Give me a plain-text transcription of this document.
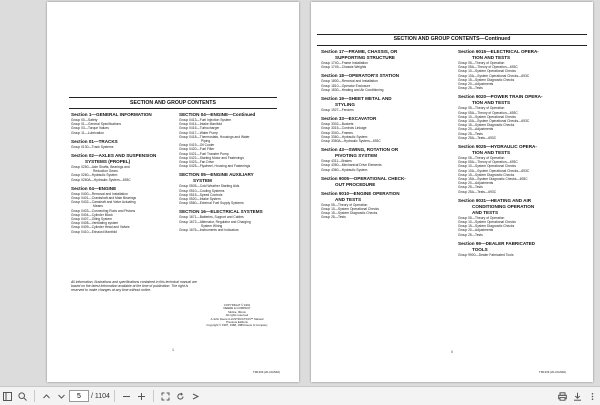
SECTION AND GROUP CONTENTS
Section 1—GENERAL INFORMATION
Group 00—Safety
Group 01—General Specifications
Group 03—Torque Values
Group 11—Lubrication
Section 01—TRACKS
Group 0130—Track Systems
Section 02—AXLES AND SUSPENSION
SYSTEMS (PROPEL)
Group 0250—Axle Shafts, Bearings and
Reduction Gears
Group 0260—Hydraulic System
Group 0260A—Hydraulic System—693C
Section 04—ENGINE
Group 0400—Removal and Installation
Group 0401—Crankshaft and Main Bearings
Group 0402—Camshaft and Valve Actuating
Means
Group 0403—Connecting Rods and Pistons
Group 0404—Cylinder Block
Group 0407—Oiling System
Group 0408—Ventilating system
Group 0409—Cylinder Head and Valves
Group 0410—Exhaust Manifold
SECTION 04—ENGINE—Continued
Group 0413—Fuel Injection System
Group 0414—Intake Manifold
Group 0415—Turbocharger
Group 0417—Water Pump
Group 0418—Thermostats, Housings and Water
Piping
Group 0419—Oil Cooler
Group 0420—Fuel Filter
Group 0421—Fuel Transfer Pump
Group 0422—Starting Motor and Fastenings
Group 0423—Fan Drive
Group 0425—Flywheel, Housing and Fastenings
SECTION 05—ENGINE AUXILIARY
SYSTEM
Group 0505—Cold Weather Starting Aids
Group 0510—Cooling Systems
Group 0515—Speed Controls
Group 0520—Intake System
Group 0560—External Fuel Supply Systems
SECTION 16—ELECTRICAL SYSTEMS
Group 1671—Batteries, Support and Cables
Group 1672—Alternator, Regulator and Charging
System Wiring
Group 1676—Instruments and Indicators
All information, illustrations and specifications contained in this technical manual are
based on the latest information available at the time of publication. The right is
reserved to make changes at any time without notice.
COPYRIGHT © 1991
DEERE & COMPANY
Moline, Illinois
All rights reserved
A John Deere ILLUSTRUCTION™ Manual
Previous Editions
Copyright © 1987, 1988, 1989 Deere & Company
1
TM1339 (20-3JAN94)
SECTION AND GROUP CONTENTS—Continued
Section 17—FRAME, CHASSIS, OR
SUPPORTING STRUCTURE
Group 1740—Frame Installation
Group 1749—Chassis Weights
Section 18—OPERATOR'S STATION
Group 1800—Removal and Installation
Group 1810—Operator Enclosure
Group 1830—Heating and Air Conditioning
Section 19—SHEET METAL AND
STYLING
Group 1927—Fenders
Section 33—EXCAVATOR
Group 3302—Buckets
Group 3315—Controls Linkage
Group 3340—Frames
Group 3360—Hydraulic System
Group 3360A—Hydraulic System—693C
Section 43—SWING, ROTATION OR
PIVOTING SYSTEM
Group 4311—Brakes
Group 4350—Mechanical Drive Elements
Group 4360—Hydraulic System
Section 9005—OPERATIONAL CHECK-
OUT PROCEDURE
Section 9010—ENGINE OPERATION
AND TESTS
Group 05—Theory of Operation
Group 10—System Operational Checks
Group 15—System Diagnostic Checks
Group 25—Tests
Section 9015—ELECTRICAL OPERA-
TION AND TESTS
Group 05—Theory of Operation
Group 05A—Theory of Operation—693C
Group 10—System Operational Checks
Group 10A—System Operational Checks—693C
Group 15—System Diagnostic Checks
Group 20—Adjustments
Group 25—Tests
Section 9020—POWER TRAIN OPERA-
TION AND TESTS
Group 05—Theory of Operation
Group 05A—Theory of Operation—693C
Group 10—System Operational Checks
Group 10A—System Operational Checks—693C
Group 15—System Diagnostic Checks
Group 20—Adjustments
Group 25—Tests
Group 25A—Tests—693C
Section 9025—HYDRAULIC OPERA-
TION AND TESTS
Group 05—Theory of Operation
Group 05A—Theory of Operation—693C
Group 10—System Operational Checks
Group 10A—System Operational Checks—693C
Group 15—System Diagnostic Checks
Group 15A—System Diagnostic Checks—693C
Group 20—Adjustments
Group 25—Tests
Group 25A—Tests—693C
Section 9031—HEATING AND AIR
CONDITIONING OPERATION
AND TESTS
Group 05—Theory of Operation
Group 10—System Operational Checks
Group 15—System Diagnostic Checks
Group 20—Adjustments
Group 25—Tests
Section 99—DEALER FABRICATED
TOOLS
Group 9900—Dealer Fabricated Tools
ii
TM1339 (20-3JAN94)
5
/ 1104
